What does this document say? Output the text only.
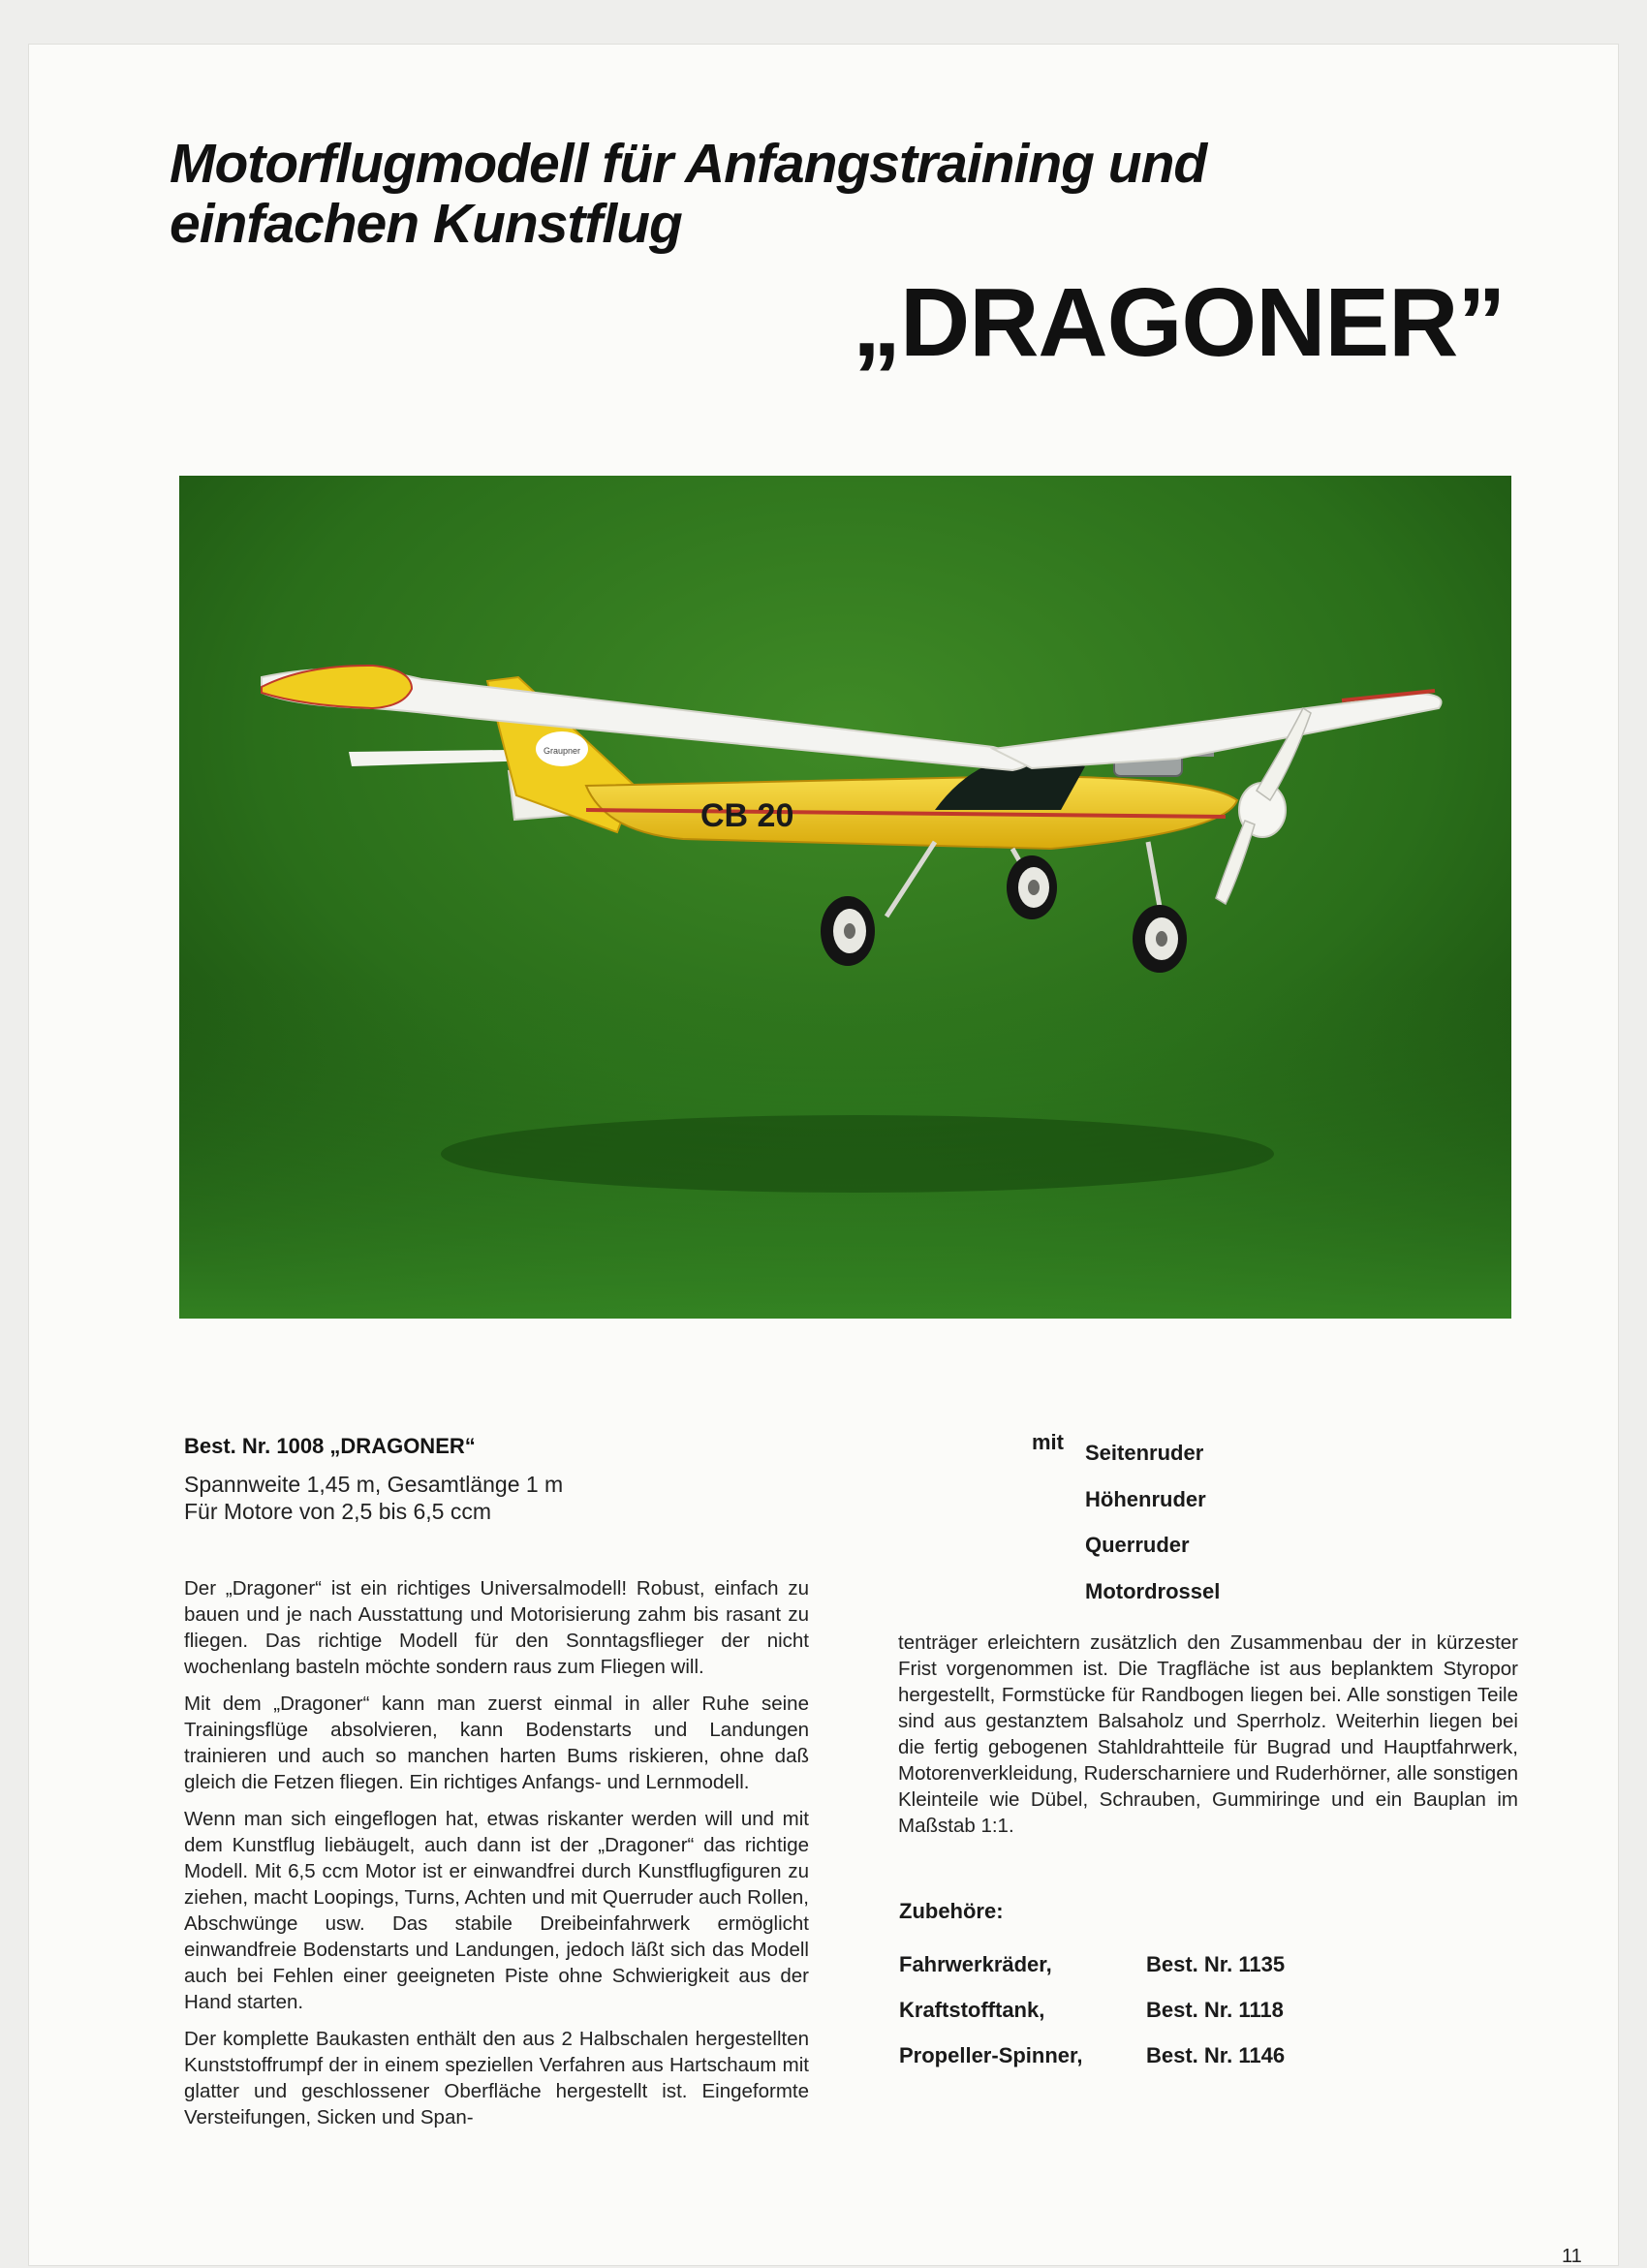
Motorflugmodell für Anfangstraining und
einfachen Kunstflug
„DRAGONER”
Graupner
CB 20
Best. Nr. 1008 „DRAGONER“
Spannweite 1,45 m, Gesamtlänge 1 m
Für Motore von 2,5 bis 6,5 ccm

Der „Dragoner“ ist ein richtiges Universalmodell! Robust, einfach zu bauen und je nach Ausstattung und Motorisierung zahm bis rasant zu fliegen. Das richtige Modell für den Sonntagsflieger der nicht wochenlang basteln möchte sondern raus zum Fliegen will.

Mit dem „Dragoner“ kann man zuerst einmal in aller Ruhe seine Trainingsflüge absolvieren, kann Bodenstarts und Landungen trainieren und auch so manchen harten Bums riskieren, ohne daß gleich die Fetzen fliegen. Ein richtiges Anfangs- und Lernmodell.

Wenn man sich eingeflogen hat, etwas riskanter werden will und mit dem Kunstflug liebäugelt, auch dann ist der „Dragoner“ das richtige Modell. Mit 6,5 ccm Motor ist er einwandfrei durch Kunstflugfiguren zu ziehen, macht Loopings, Turns, Achten und mit Querruder auch Rollen, Abschwünge usw. Das stabile Dreibeinfahrwerk ermöglicht einwandfreie Bodenstarts und Landungen, jedoch läßt sich das Modell auch bei Fehlen einer geeigneten Piste ohne Schwierigkeit aus der Hand starten.

Der komplette Baukasten enthält den aus 2 Halbschalen hergestellten Kunststoffrumpf der in einem speziellen Verfahren aus Hartschaum mit glatter und geschlossener Oberfläche hergestellt ist. Eingeformte Versteifungen, Sicken und Span-

mit Seitenruder
Höhenruder
Querruder
Motordrossel

tenträger erleichtern zusätzlich den Zusammenbau der in kürzester Frist vorgenommen ist. Die Tragfläche ist aus beplanktem Styropor hergestellt, Formstücke für Randbogen liegen bei. Alle sonstigen Teile sind aus gestanztem Balsaholz und Sperrholz. Weiterhin liegen bei die fertig gebogenen Stahldrahtteile für Bugrad und Hauptfahrwerk, Motorenverkleidung, Ruderscharniere und Ruderhörner, alle sonstigen Kleinteile wie Dübel, Schrauben, Gummiringe und ein Bauplan im Maßstab 1:1.

Zubehöre:
Fahrwerkräder,	Best. Nr. 1135
Kraftstofftank,	Best. Nr. 1118
Propeller-Spinner,	Best. Nr. 1146
11
